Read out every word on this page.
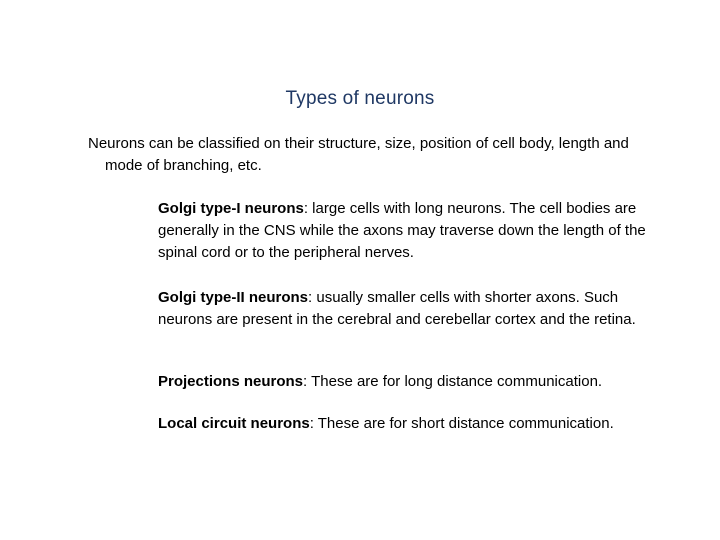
Types of neurons
Neurons can be classified on their structure, size, position of cell body, length and mode of branching, etc.
Golgi type-I neurons: large cells with long neurons. The cell bodies are generally in the CNS while the axons may traverse down the length of the spinal cord or to the peripheral nerves.
Golgi type-II neurons: usually smaller cells with shorter axons. Such neurons are present in the cerebral and cerebellar cortex and the retina.
Projections neurons: These are for long distance communication.
Local circuit neurons: These are for short distance communication.
